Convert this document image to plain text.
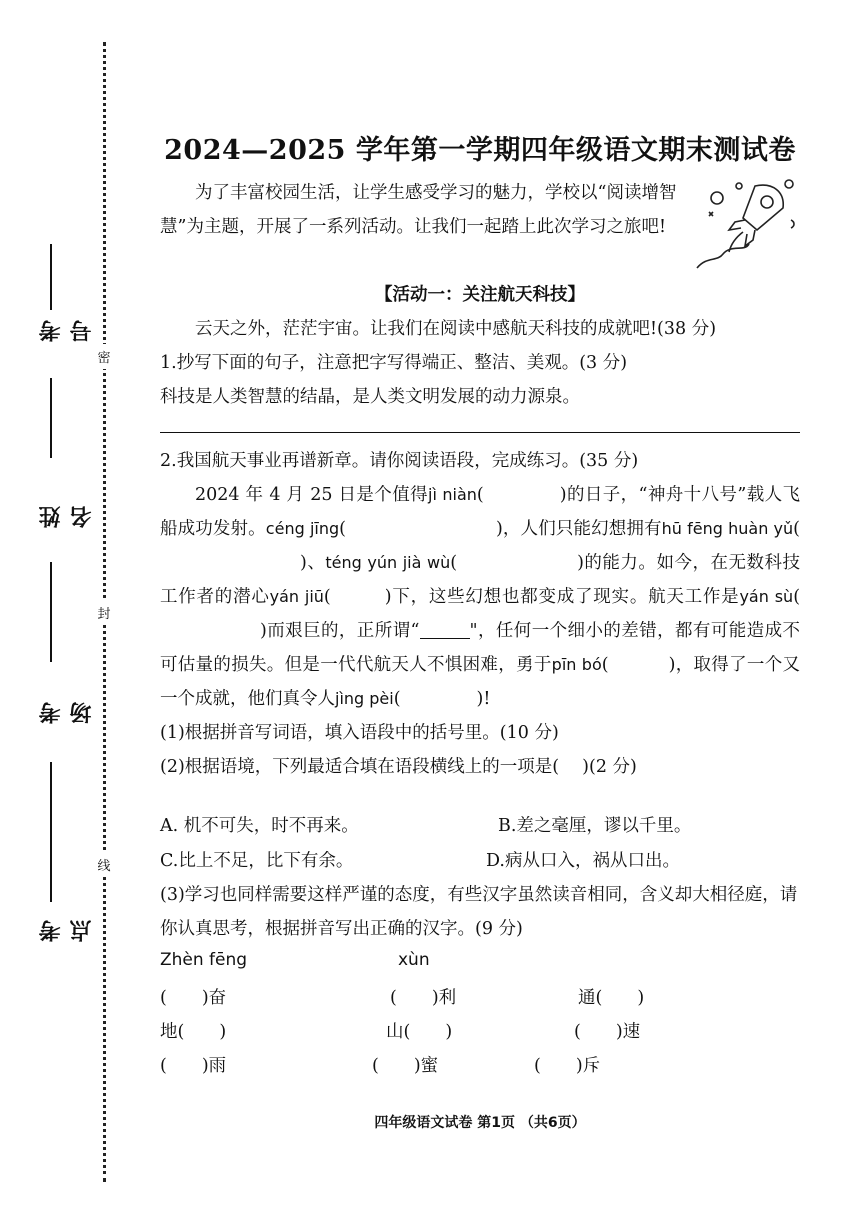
密
封
线
考号
姓名
考场
考点
2024—2025 学年第一学期四年级语文期末测试卷

为了丰富校园生活，让学生感受学习的魅力，学校以“阅读增智慧”为主题，开展了一系列活动。让我们一起踏上此次学习之旅吧!

【活动一：关注航天科技】

云天之外，茫茫宇宙。让我们在阅读中感航天科技的成就吧!(38 分)

1.抄写下面的句子，注意把字写得端正、整洁、美观。(3 分)

科技是人类智慧的结晶，是人类文明发展的动力源泉。

2.我国航天事业再谱新章。请你阅读语段，完成练习。(35 分)

2024 年 4 月 25 日是个值得jì niàn(	)的日子，“神舟十八号”载人飞船成功发射。céng jīng(	)，人们只能幻想拥有hū fēng huàn yǔ()、téng yún jià wù(	)的能力。如今，在无数科技工作者的潜心yán jiū(	)下，这些幻想也都变成了现实。航天工作是yán sù()而艰巨的，正所谓“	"，任何一个细小的差错，都有可能造成不可估量的损失。但是一代代航天人不惧困难，勇于pīn bó(	)，取得了一个又一个成就，他们真令人jìng pèi(	)!

(1)根据拼音写词语，填入语段中的括号里。(10 分)

(2)根据语境，下列最适合填在语段横线上的一项是(　 )(2 分)

A. 机不可失，时不再来。	B.差之毫厘，谬以千里。
C.比上不足，比下有余。	D.病从口入，祸从口出。

(3)学习也同样需要这样严谨的态度，有些汉字虽然读音相同，含义却大相径庭，请你认真思考，根据拼音写出正确的汉字。(9 分)

Zhèn fēng	xùn
(　　)奋	(　　)利	通(　　)
地(　　)	山(　　)	(　　)速
(　　)雨	(　　)蜜	(　　)斥
四年级语文试卷 第1页 （共6页）
